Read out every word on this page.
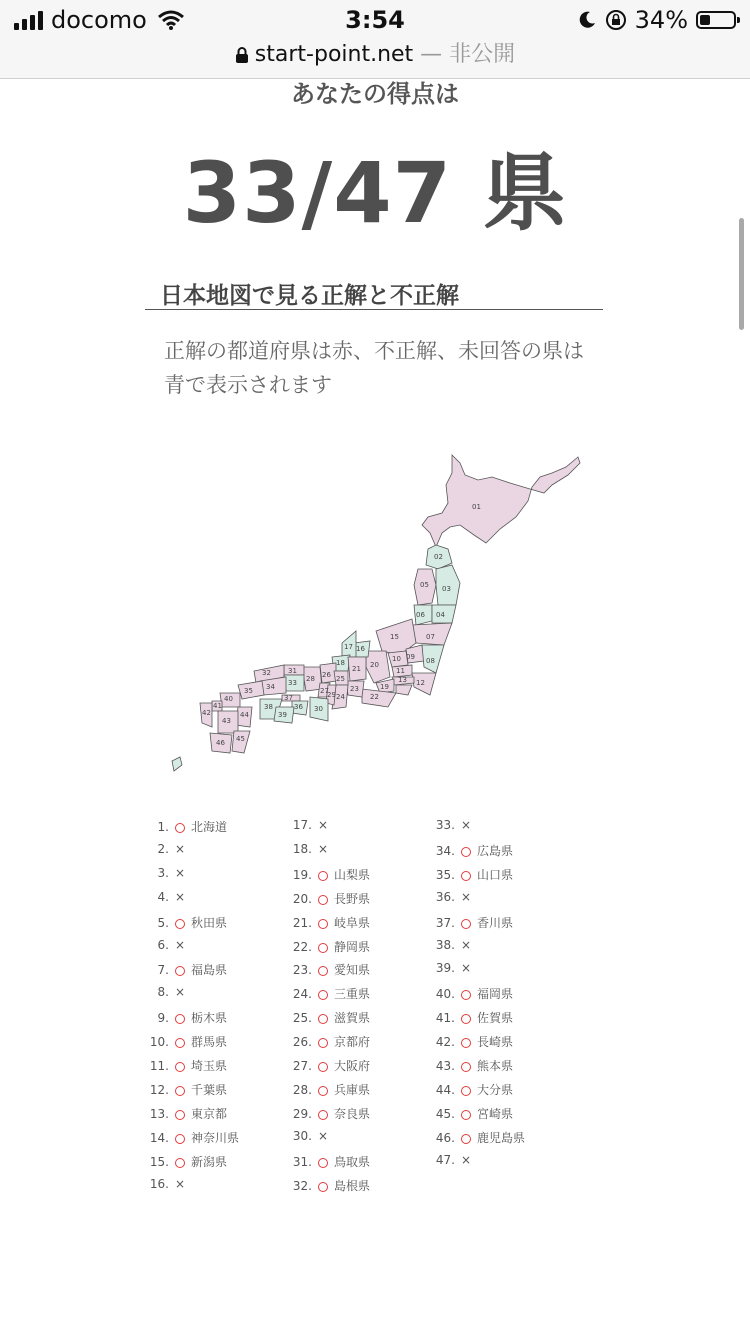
docomo	3:54	34%
start-point.net — 非公開
あなたの得点は
33/47 県
日本地図で見る正解と不正解
正解の都道府県は赤、不正解、未回答の県は青で表示されます
01
02
03
04
05
06
07
08
09
10
11
12
13
15
16
17
18
19
20
21
22
23
24
25
26
27
28
29
30
31
32
33
34
35
36
37
38
39
40
41
42
43
44
45
46
1. 北海道
2. ×
3. ×
4. ×
5. 秋田県
6. ×
7. 福島県
8. ×
9. 栃木県
10. 群馬県
11. 埼玉県
12. 千葉県
13. 東京都
14. 神奈川県
15. 新潟県
16. ×
17. ×
18. ×
19. 山梨県
20. 長野県
21. 岐阜県
22. 静岡県
23. 愛知県
24. 三重県
25. 滋賀県
26. 京都府
27. 大阪府
28. 兵庫県
29. 奈良県
30. ×
31. 鳥取県
32. 島根県
33. ×
34. 広島県
35. 山口県
36. ×
37. 香川県
38. ×
39. ×
40. 福岡県
41. 佐賀県
42. 長崎県
43. 熊本県
44. 大分県
45. 宮崎県
46. 鹿児島県
47. ×
